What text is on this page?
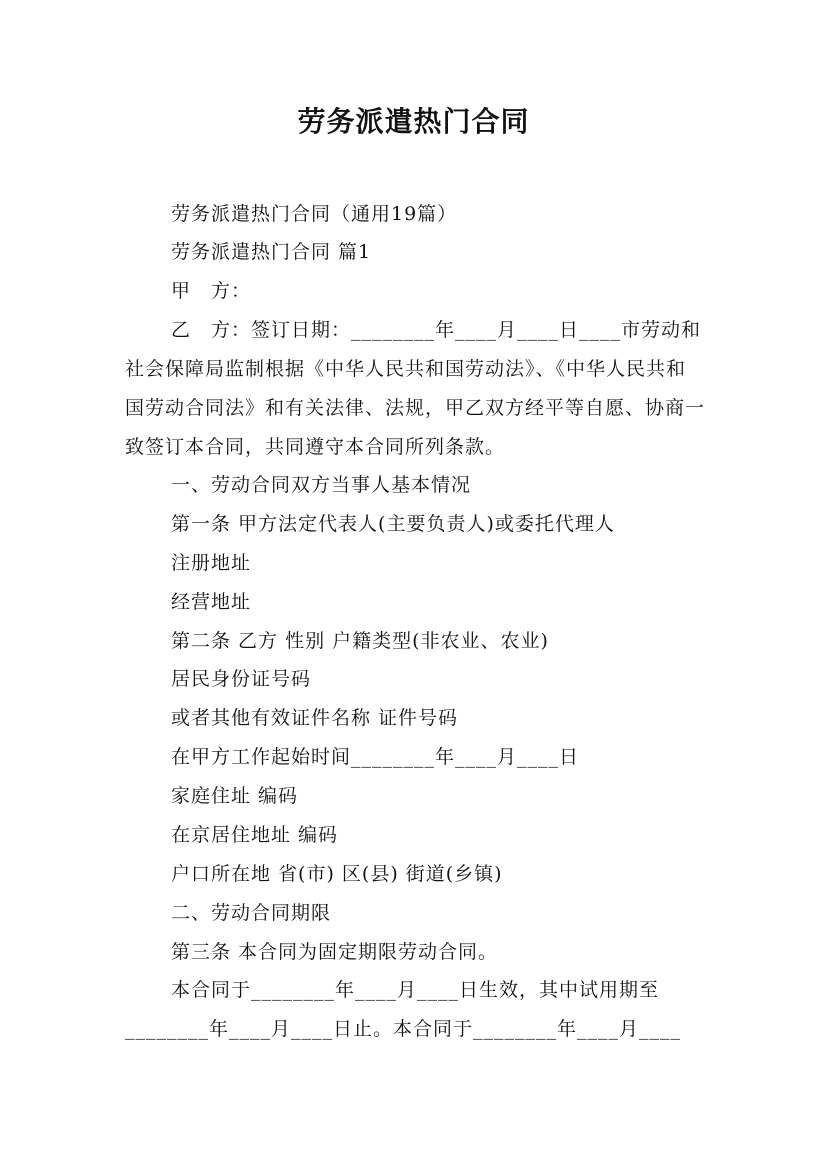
劳务派遣热门合同
劳务派遣热门合同（通用19篇）
劳务派遣热门合同 篇1
甲　方：
乙　方：签订日期：________年____月____日____市劳动和社会保障局监制根据《中华人民共和国劳动法》、《中华人民共和国劳动合同法》和有关法律、法规，甲乙双方经平等自愿、协商一致签订本合同，共同遵守本合同所列条款。
一、劳动合同双方当事人基本情况
第一条 甲方法定代表人(主要负责人)或委托代理人
注册地址
经营地址
第二条 乙方 性别 户籍类型(非农业、农业)
居民身份证号码
或者其他有效证件名称 证件号码
在甲方工作起始时间________年____月____日
家庭住址 编码
在京居住地址 编码
户口所在地 省(市) 区(县) 街道(乡镇)
二、劳动合同期限
第三条 本合同为固定期限劳动合同。
本合同于________年____月____日生效，其中试用期至________年____月____日止。本合同于________年____月____
